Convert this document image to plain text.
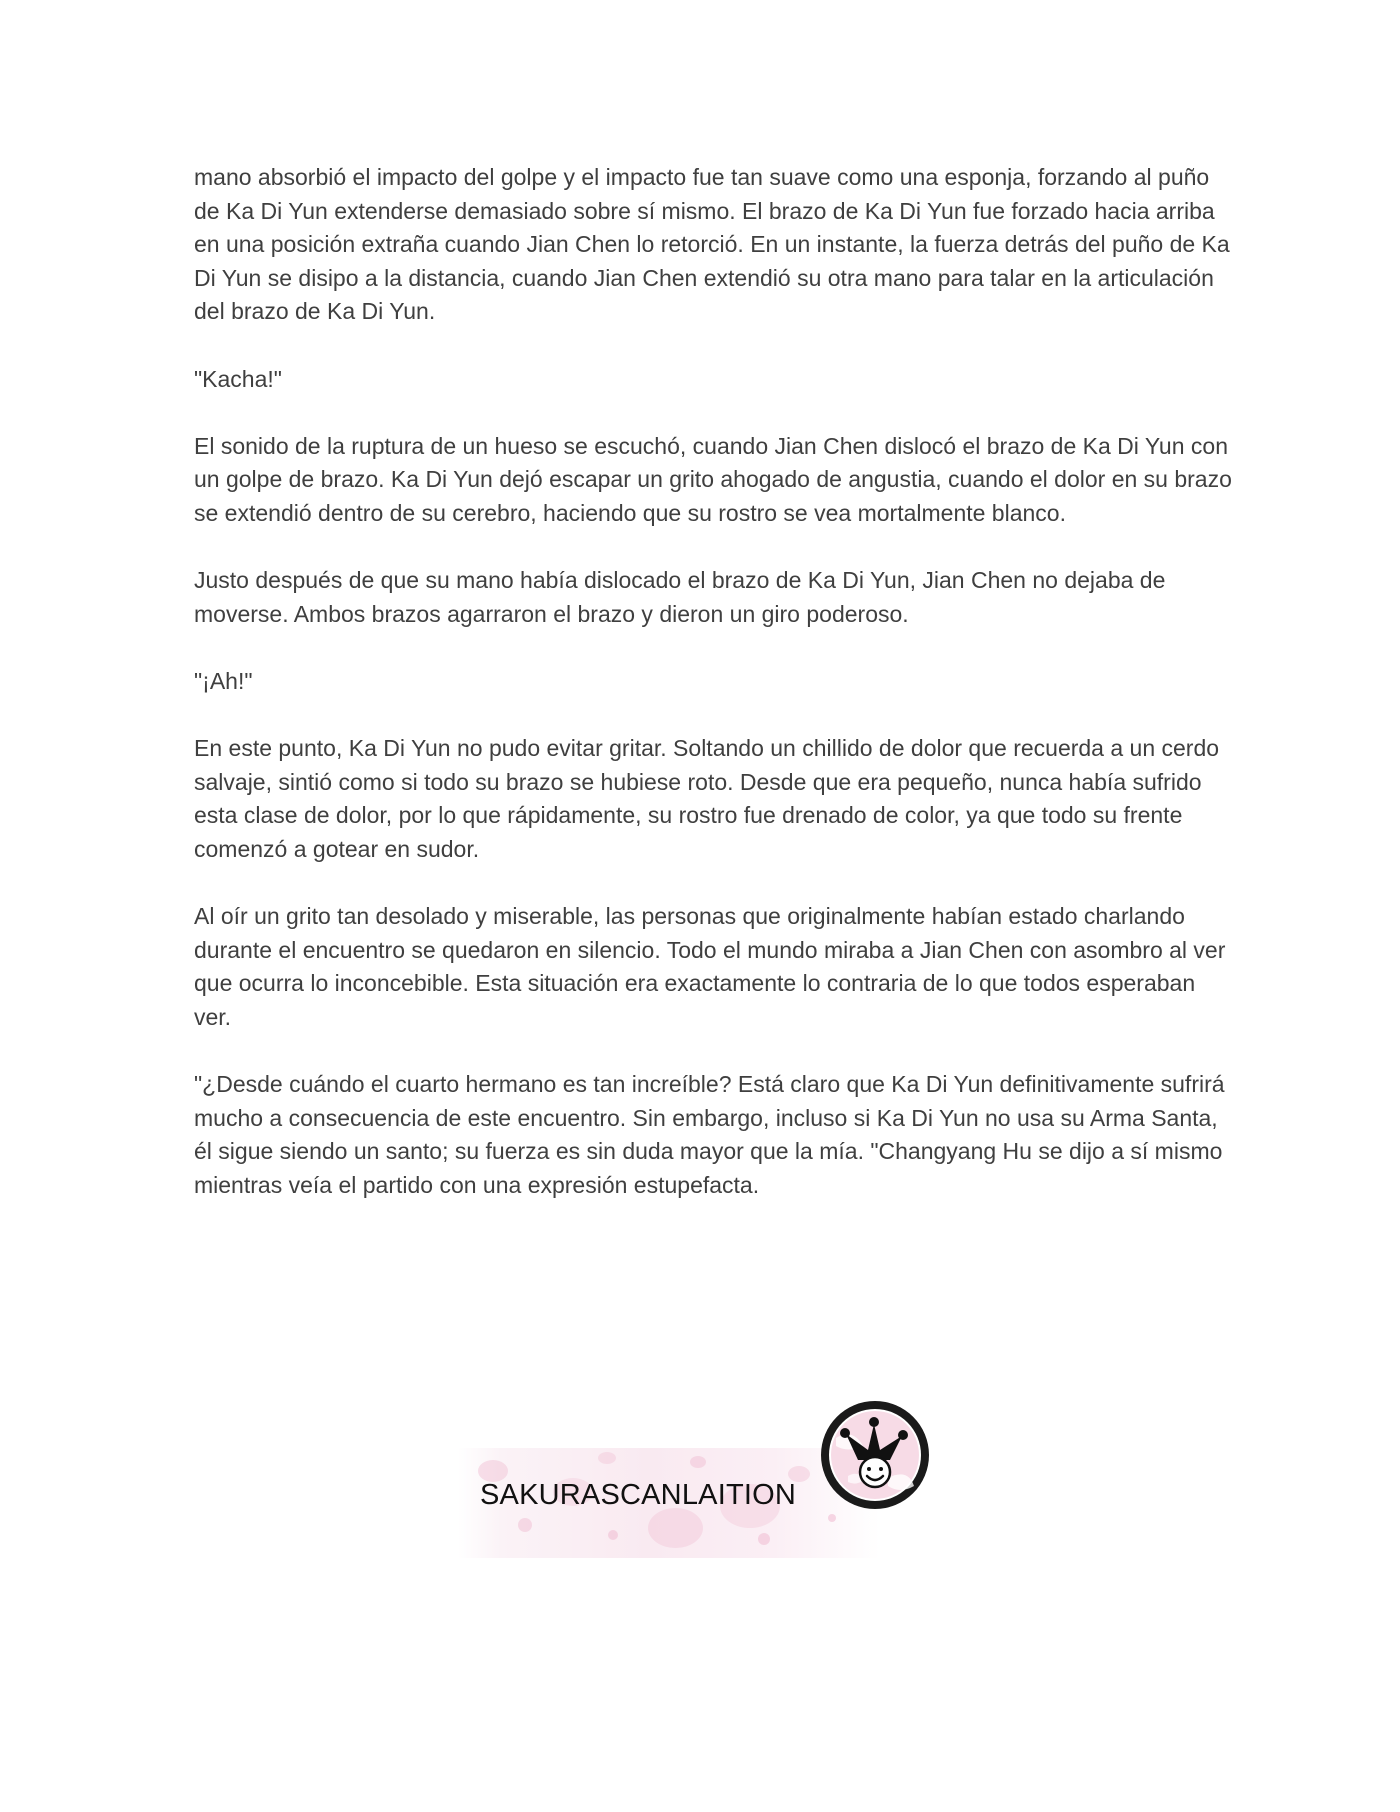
mano absorbió el impacto del golpe y el impacto fue tan suave como una esponja, forzando al puño de Ka Di Yun extenderse demasiado sobre sí mismo. El brazo de Ka Di Yun fue forzado hacia arriba en una posición extraña cuando Jian Chen lo retorció. En un instante, la fuerza detrás del puño de Ka Di Yun se disipo a la distancia, cuando Jian Chen extendió su otra mano para talar en la articulación del brazo de Ka Di Yun.

"Kacha!"

El sonido de la ruptura de un hueso se escuchó, cuando Jian Chen dislocó el brazo de Ka Di Yun con un golpe de brazo. Ka Di Yun dejó escapar un grito ahogado de angustia, cuando el dolor en su brazo se extendió dentro de su cerebro, haciendo que su rostro se vea mortalmente blanco.

Justo después de que su mano había dislocado el brazo de Ka Di Yun, Jian Chen no dejaba de moverse. Ambos brazos agarraron el brazo y dieron un giro poderoso.

"¡Ah!"

En este punto, Ka Di Yun no pudo evitar gritar. Soltando un chillido de dolor que recuerda a un cerdo salvaje, sintió como si todo su brazo se hubiese roto. Desde que era pequeño, nunca había sufrido esta clase de dolor, por lo que rápidamente, su rostro fue drenado de color, ya que todo su frente comenzó a gotear en sudor.

Al oír un grito tan desolado y miserable, las personas que originalmente habían estado charlando durante el encuentro se quedaron en silencio. Todo el mundo miraba a Jian Chen con asombro al ver que ocurra lo inconcebible. Esta situación era exactamente lo contraria de lo que todos esperaban ver.

"¿Desde cuándo el cuarto hermano es tan increíble? Está claro que Ka Di Yun definitivamente sufrirá mucho a consecuencia de este encuentro. Sin embargo, incluso si Ka Di Yun no usa su Arma Santa, él sigue siendo un santo; su fuerza es sin duda mayor que la mía. "Changyang Hu se dijo a sí mismo mientras veía el partido con una expresión estupefacta.

SAKURASCANLAITION
